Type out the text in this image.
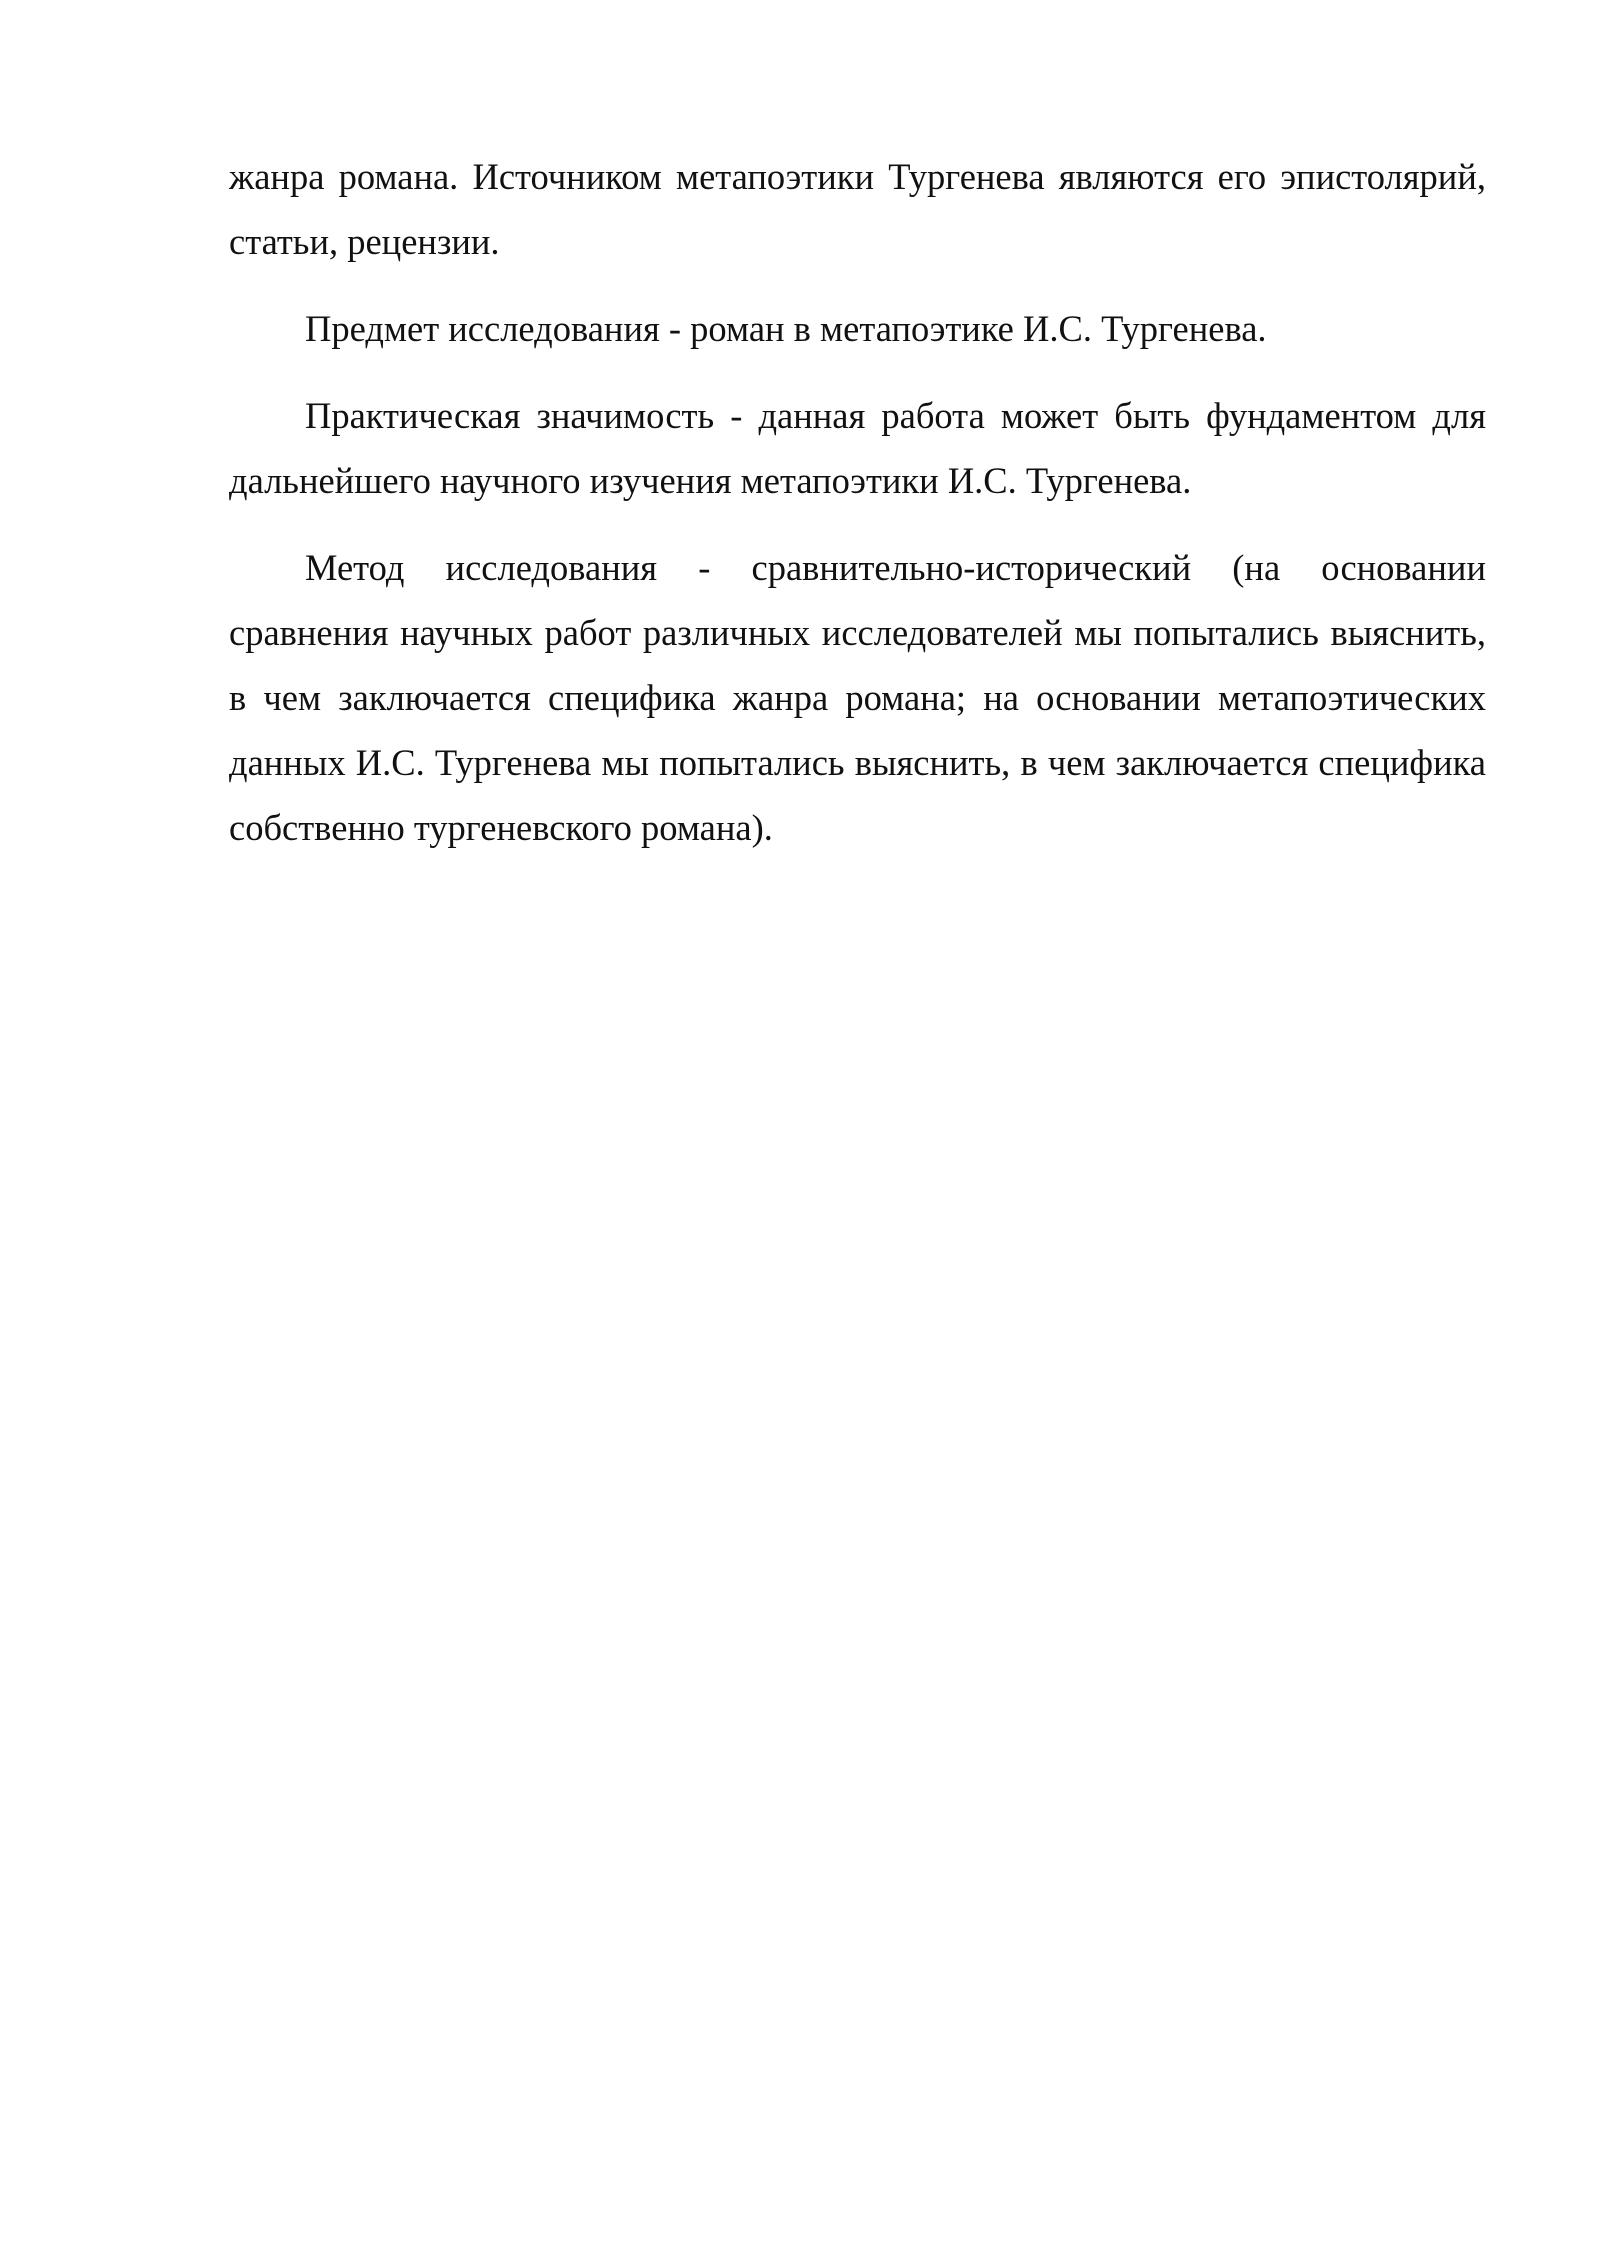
жанра романа. Источником метапоэтики Тургенева являются его эпистолярий, статьи, рецензии.

Предмет исследования - роман в метапоэтике И.С. Тургенева.

Практическая значимость - данная работа может быть фундаментом для дальнейшего научного изучения метапоэтики И.С. Тургенева.

Метод исследования - сравнительно-исторический (на основании сравнения научных работ различных исследователей мы попытались выяснить, в чем заключается специфика жанра романа; на основании метапоэтических данных И.С. Тургенева мы попытались выяснить, в чем заключается специфика собственно тургеневского романа).
